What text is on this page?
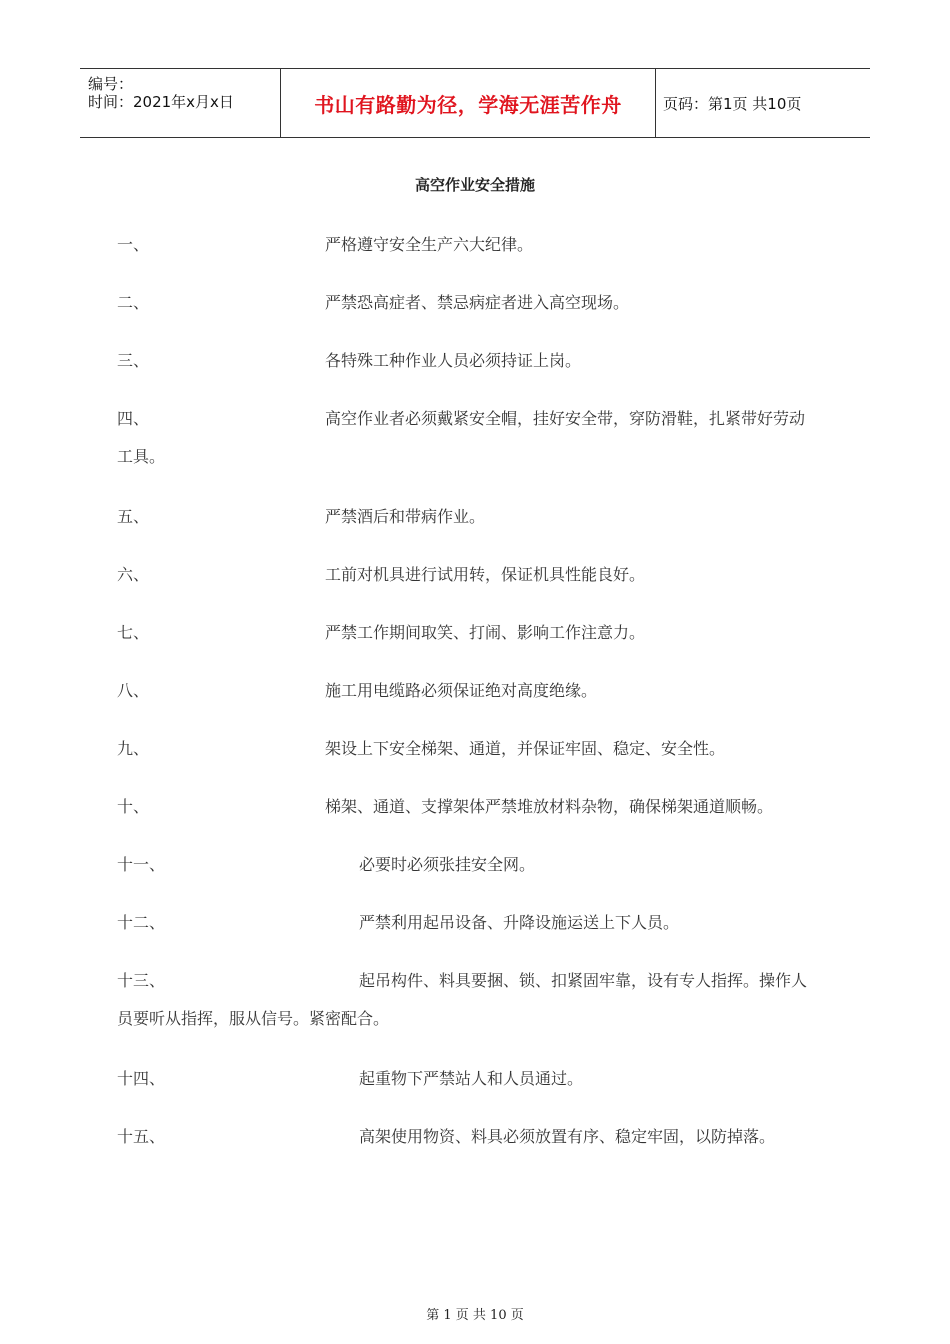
编号：
时间：2021年x月x日	书山有路勤为径，学海无涯苦作舟	页码：第1页 共10页
高空作业安全措施
一、	严格遵守安全生产六大纪律。
二、	严禁恐高症者、禁忌病症者进入高空现场。
三、	各特殊工种作业人员必须持证上岗。
四、	高空作业者必须戴紧安全帽，挂好安全带，穿防滑鞋，扎紧带好劳动
工具。
五、	严禁酒后和带病作业。
六、	工前对机具进行试用转，保证机具性能良好。
七、	严禁工作期间取笑、打闹、影响工作注意力。
八、	施工用电缆路必须保证绝对高度绝缘。
九、	架设上下安全梯架、通道，并保证牢固、稳定、安全性。
十、	梯架、通道、支撑架体严禁堆放材料杂物，确保梯架通道顺畅。
十一、	必要时必须张挂安全网。
十二、	严禁利用起吊设备、升降设施运送上下人员。
十三、	起吊构件、料具要捆、锁、扣紧固牢靠，设有专人指挥。操作人
员要听从指挥，服从信号。紧密配合。
十四、	起重物下严禁站人和人员通过。
十五、	高架使用物资、料具必须放置有序、稳定牢固，以防掉落。
第 1 页 共 10 页
